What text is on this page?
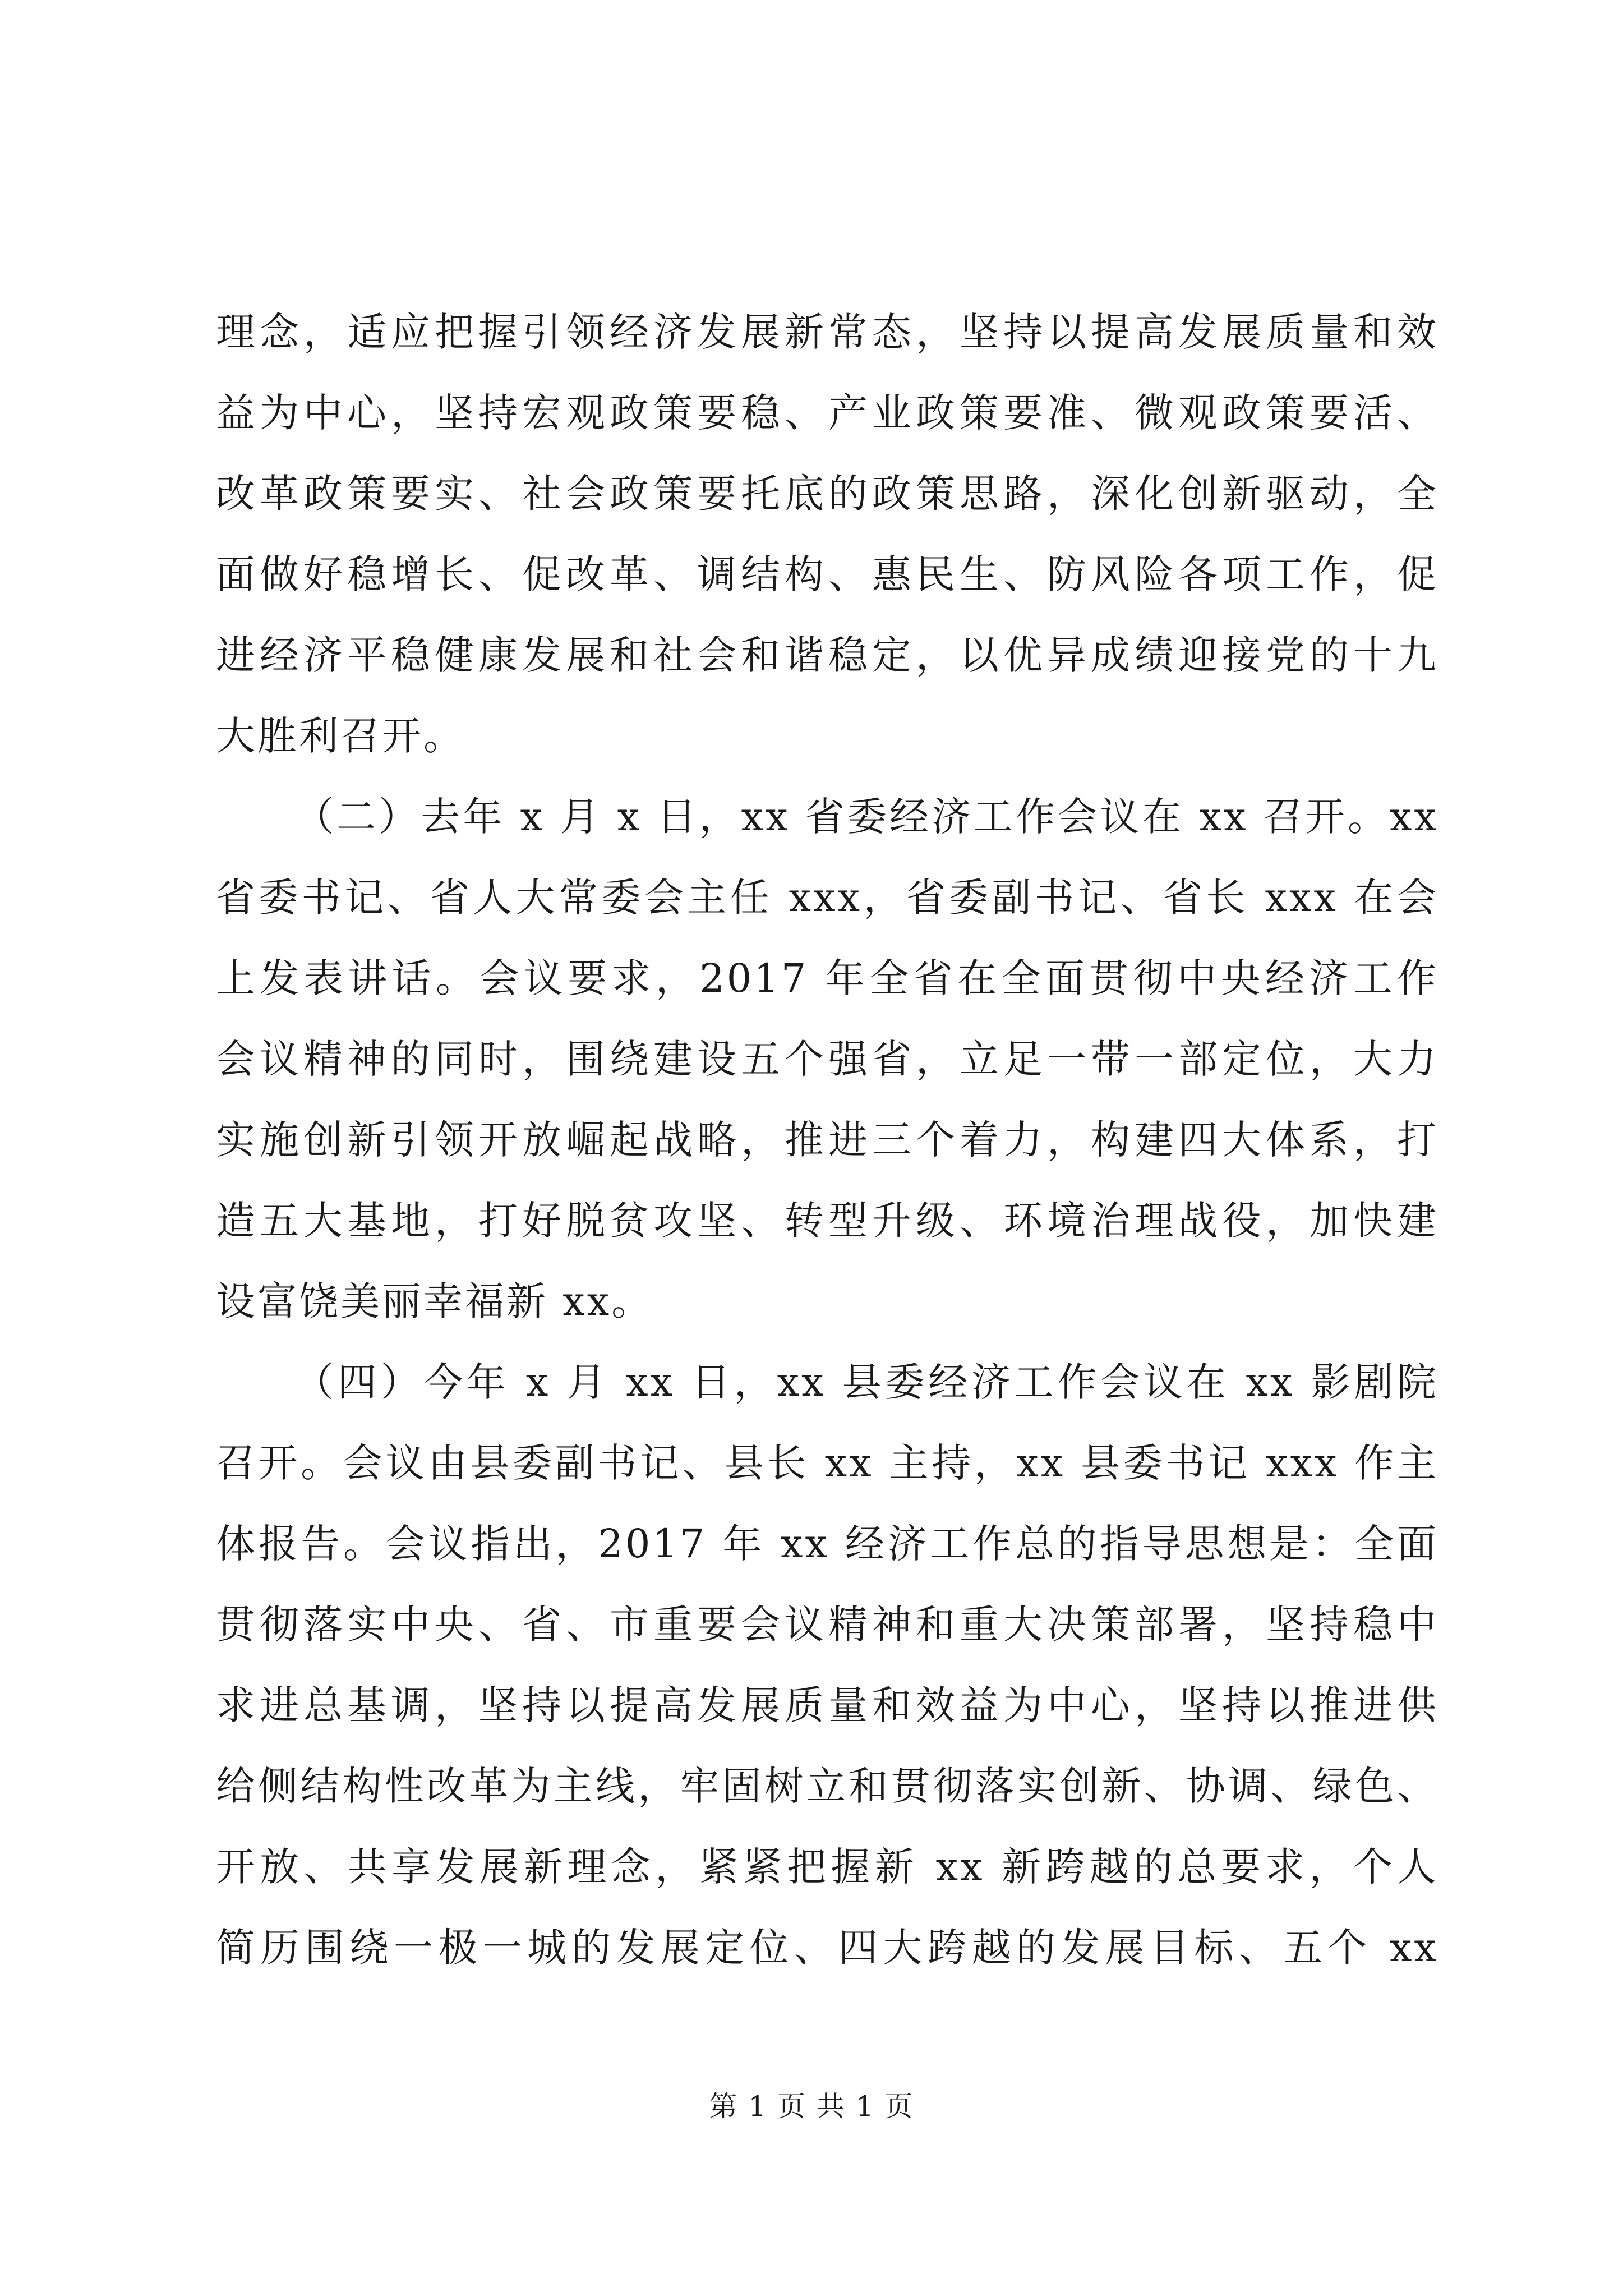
理念，适应把握引领经济发展新常态，坚持以提高发展质量和效
益为中心，坚持宏观政策要稳、产业政策要准、微观政策要活、
改革政策要实、社会政策要托底的政策思路，深化创新驱动，全
面做好稳增长、促改革、调结构、惠民生、防风险各项工作，促
进经济平稳健康发展和社会和谐稳定，以优异成绩迎接党的十九
大胜利召开。
（二）去年 x 月 x 日，xx 省委经济工作会议在 xx 召开。xx
省委书记、省人大常委会主任 xxx，省委副书记、省长 xxx 在会
上发表讲话。会议要求，2017 年全省在全面贯彻中央经济工作
会议精神的同时，围绕建设五个强省，立足一带一部定位，大力
实施创新引领开放崛起战略，推进三个着力，构建四大体系，打
造五大基地，打好脱贫攻坚、转型升级、环境治理战役，加快建
设富饶美丽幸福新 xx。
（四）今年 x 月 xx 日，xx 县委经济工作会议在 xx 影剧院
召开。会议由县委副书记、县长 xx 主持，xx 县委书记 xxx 作主
体报告。会议指出，2017 年 xx 经济工作总的指导思想是：全面
贯彻落实中央、省、市重要会议精神和重大决策部署，坚持稳中
求进总基调，坚持以提高发展质量和效益为中心，坚持以推进供
给侧结构性改革为主线，牢固树立和贯彻落实创新、协调、绿色、
开放、共享发展新理念，紧紧把握新 xx 新跨越的总要求，个人
简历围绕一极一城的发展定位、四大跨越的发展目标、五个 xx
第 1 页 共 1 页
